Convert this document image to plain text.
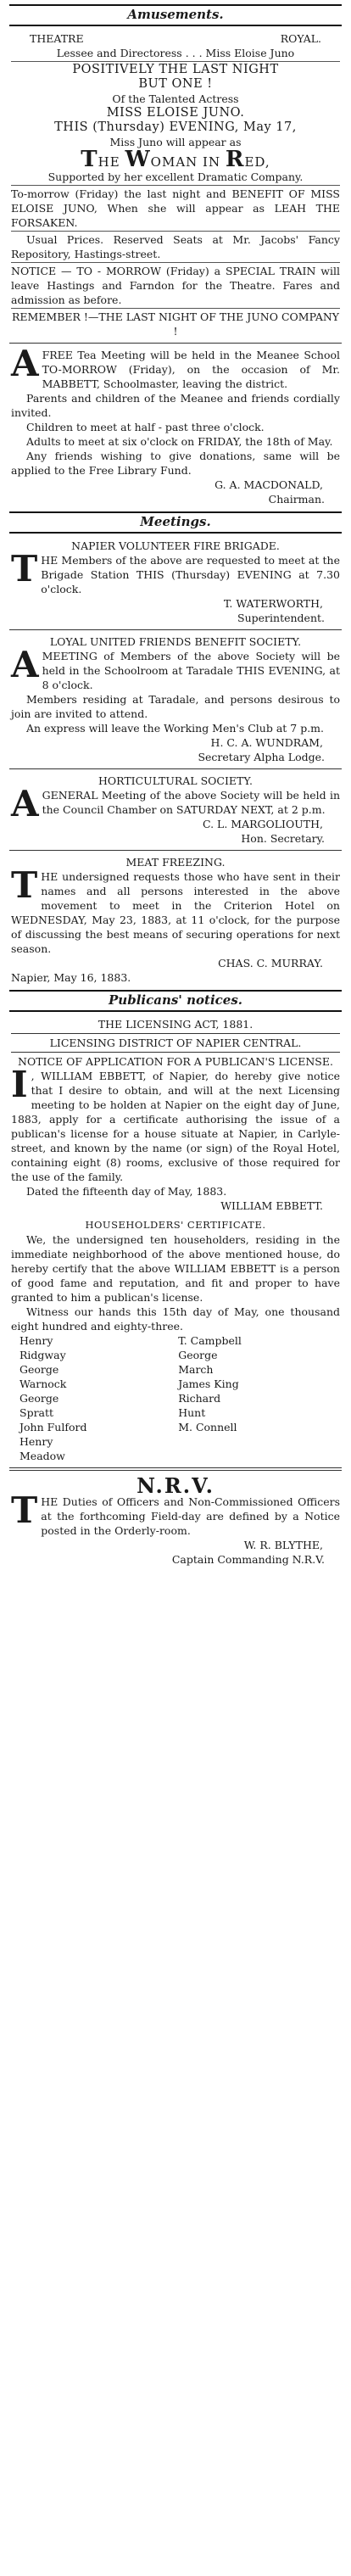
Amusements.
THEATRE	ROYAL.
Lessee and Directoress . . . Miss Eloise Juno
POSITIVELY THE LAST NIGHT
BUT ONE !
Of the Talented Actress
MISS ELOISE JUNO.
THIS (Thursday) EVENING, May 17,
Miss Juno will appear as
THE WOMAN IN RED,
Supported by her excellent Dramatic Company.
To-morrow (Friday) the last night and BENEFIT OF MISS ELOISE JUNO, When she will appear as LEAH THE FORSAKEN.
Usual Prices. Reserved Seats at Mr. Jacobs' Fancy Repository, Hastings-street.
NOTICE — TO - MORROW (Friday) a SPECIAL TRAIN will leave Hastings and Farndon for the Theatre. Fares and admission as before.
REMEMBER !—THE LAST NIGHT OF THE JUNO COMPANY !
A FREE Tea Meeting will be held in the Meanee School TO-MORROW (Friday), on the occasion of Mr. MABBETT, Schoolmaster, leaving the district.
Parents and children of the Meanee and friends cordially invited.
Children to meet at half - past three o'clock.
Adults to meet at six o'clock on FRIDAY, the 18th of May.
Any friends wishing to give donations, same will be applied to the Free Library Fund.
G. A. MACDONALD,
Chairman.
Meetings.
NAPIER VOLUNTEER FIRE BRIGADE.
T HE Members of the above are requested to meet at the Brigade Station THIS (Thursday) EVENING at 7.30 o'clock.
T. WATERWORTH,
Superintendent.
LOYAL UNITED FRIENDS BENEFIT SOCIETY.
A MEETING of Members of the above Society will be held in the Schoolroom at Taradale THIS EVENING, at 8 o'clock.
Members residing at Taradale, and persons desirous to join are invited to attend.
An express will leave the Working Men's Club at 7 p.m.
H. C. A. WUNDRAM,
Secretary Alpha Lodge.
HORTICULTURAL SOCIETY.
A GENERAL Meeting of the above Society will be held in the Council Chamber on SATURDAY NEXT, at 2 p.m.
C. L. MARGOLIOUTH,
Hon. Secretary.
MEAT FREEZING.
T HE undersigned requests those who have sent in their names and all persons interested in the above movement to meet in the Criterion Hotel on WEDNESDAY, May 23, 1883, at 11 o'clock, for the purpose of discussing the best means of securing operations for next season.
CHAS. C. MURRAY.
Napier, May 16, 1883.
Publicans' notices.
THE LICENSING ACT, 1881.
LICENSING DISTRICT OF NAPIER CENTRAL.
NOTICE OF APPLICATION FOR A PUBLICAN'S LICENSE.
I , WILLIAM EBBETT, of Napier, do hereby give notice that I desire to obtain, and will at the next Licensing meeting to be holden at Napier on the eight day of June, 1883, apply for a certificate authorising the issue of a publican's license for a house situate at Napier, in Carlyle-street, and known by the name (or sign) of the Royal Hotel, containing eight (8) rooms, exclusive of those required for the use of the family.
Dated the fifteenth day of May, 1883.
WILLIAM EBBETT.
HOUSEHOLDERS' CERTIFICATE.
We, the undersigned ten householders, residing in the immediate neighborhood of the above mentioned house, do hereby certify that the above WILLIAM EBBETT is a person of good fame and reputation, and fit and proper to have granted to him a publican's license.
Witness our hands this 15th day of May, one thousand eight hundred and eighty-three.
Henry Ridgway
George Warnock
George Spratt
John Fulford
Henry Meadow
T. Campbell
George March
James King
Richard Hunt
M. Connell
N.R.V.
T HE Duties of Officers and Non-Commissioned Officers at the forthcoming Field-day are defined by a Notice posted in the Orderly-room.
W. R. BLYTHE,
Captain Commanding N.R.V.
